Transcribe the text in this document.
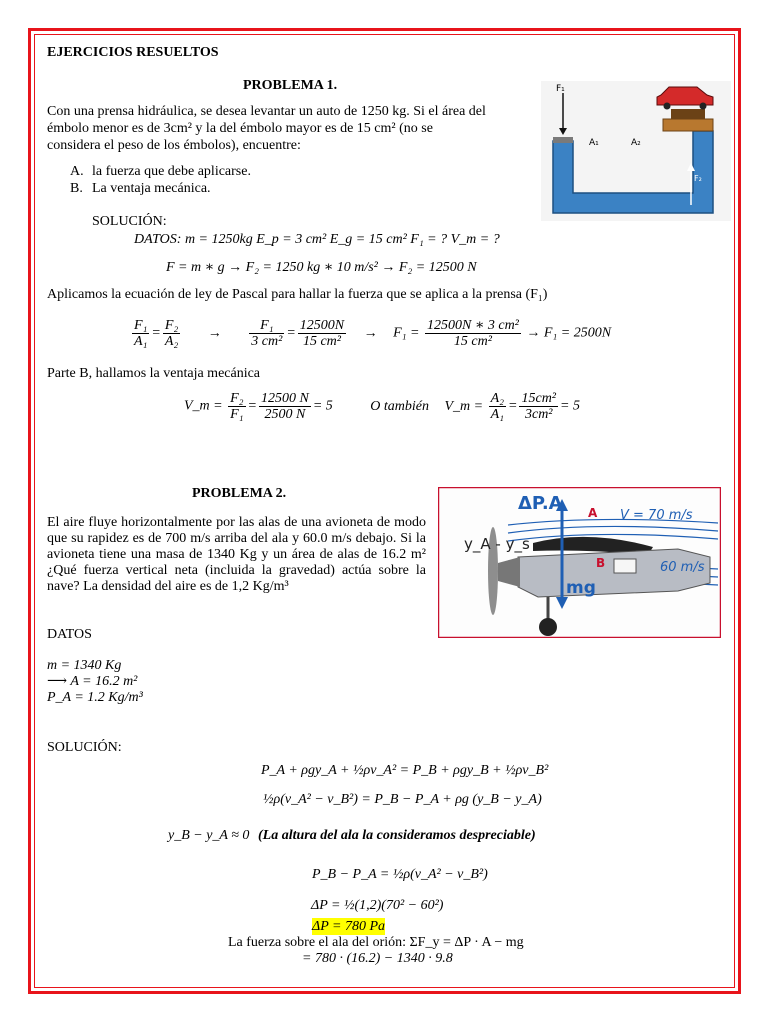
EJERCICIOS RESUELTOS
PROBLEMA 1.
Con una prensa hidráulica, se desea levantar un auto de 1250 kg. Si el área del
émbolo menor es de 3cm² y la del émbolo mayor es de 15 cm² (no se
considera el peso de los émbolos), encuentre:
A. la fuerza que debe aplicarse.
B. La ventaja mecánica.
SOLUCIÓN:
DATOS: m = 1250kg E_p = 3 cm² E_g = 15 cm² F₁ = ? V_m = ?
F = m ∗ g → F₂ = 1250 kg ∗ 10 m/s² → F₂ = 12500 N
Aplicamos la ecuación de ley de Pascal para hallar la fuerza que se aplica a la prensa (F₁)
$\frac{\text{F₁}}{\text{A₁}} = \frac{\text{F₂}}{\text{A₂}} \to \frac{\text{F₁}}{\text{3 cm²}} = \frac{12500N}{\text{15 cm²}} \to F_1 = \frac{\text{12500N ∗ 3 cm²}}{\text{15 cm²}} \to F_1 = 2500N$
Parte B, hallamos la ventaja mecánica
V_m = $\frac{\text{F₂}}{\text{F₁}} = \frac{12500 N}{2500 N} = 5$	O también V_m = $\frac{\text{A₂}}{\text{A₁}} = \frac{\text{15cm²}}{\text{3cm²}} = 5$
F₁
A₁	A₂
F₂
PROBLEMA 2.
El aire fluye horizontalmente por las alas de una avioneta de modo que su rapidez es de 700 m/s arriba del ala y 60.0 m/s debajo. Si la avioneta tiene una masa de 1340 Kg y un área de alas de 16.2 m² ¿Qué fuerza vertical neta (incluida la gravedad) actúa sobre la nave? La densidad del aire es de 1,2 Kg/m³
DATOS
m = 1340 Kg
⟶ A = 16.2 m²
P_A = 1.2 Kg/m³
SOLUCIÓN:
P_A + ρgy_A + ½ρv_A² = P_B + ρgy_B + ½ρv_B²
½ρ(v_A² − v_B²) = P_B − P_A + ρg (y_B − y_A)
y_B − y_A ≈ 0 (La altura del ala la consideramos despreciable)
P_B − P_A = ½ρ(v_A² − v_B²)
ΔP = ½(1,2)(70² − 60²)
ΔP = 780 Pa
La fuerza sobre el ala del orión: ΣF_y = ΔP · A − mg
= 780 · (16.2) − 1340 · 9.8
ΔP.A A V = 70 m/s
y_A - y_s
60 m/s
B
mg
